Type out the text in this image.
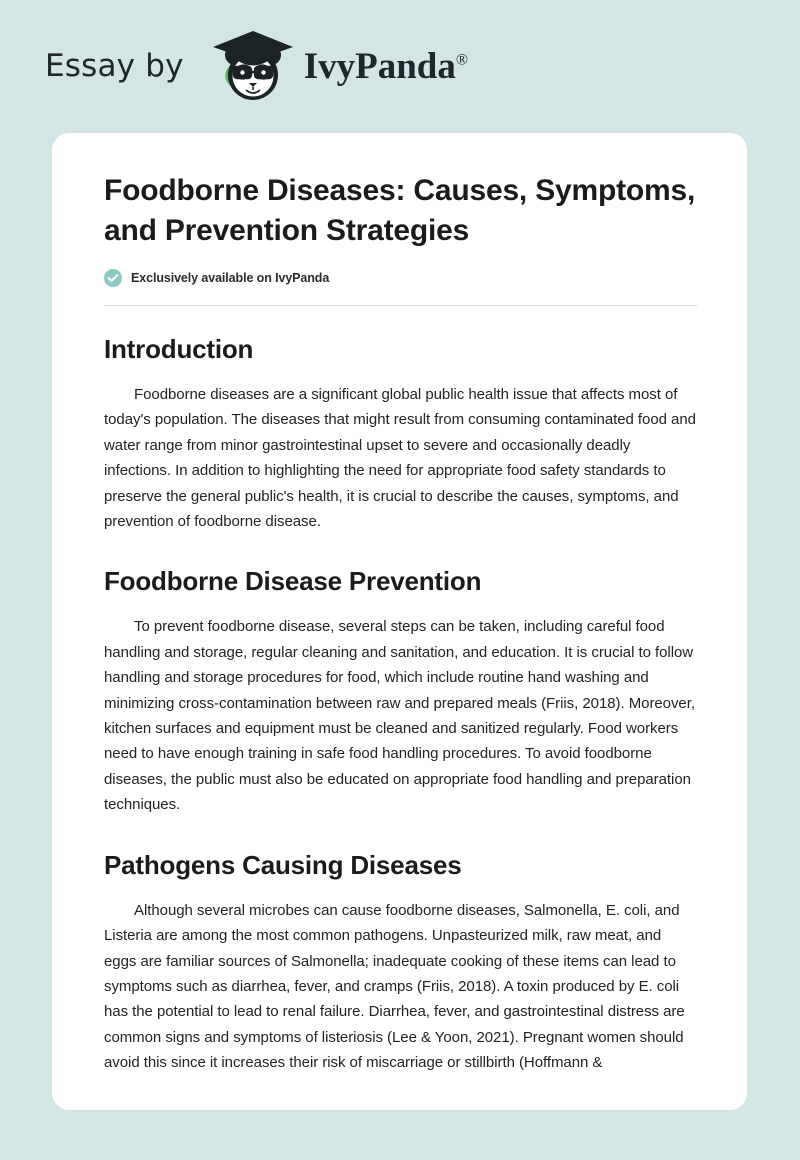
Essay by	IvyPanda®
Foodborne Diseases: Causes, Symptoms, and Prevention Strategies
Exclusively available on IvyPanda
Introduction

Foodborne diseases are a significant global public health issue that affects most of today's population. The diseases that might result from consuming contaminated food and water range from minor gastrointestinal upset to severe and occasionally deadly infections. In addition to highlighting the need for appropriate food safety standards to preserve the general public's health, it is crucial to describe the causes, symptoms, and prevention of foodborne disease.

Foodborne Disease Prevention

To prevent foodborne disease, several steps can be taken, including careful food handling and storage, regular cleaning and sanitation, and education. It is crucial to follow handling and storage procedures for food, which include routine hand washing and minimizing cross-contamination between raw and prepared meals (Friis, 2018). Moreover, kitchen surfaces and equipment must be cleaned and sanitized regularly. Food workers need to have enough training in safe food handling procedures. To avoid foodborne diseases, the public must also be educated on appropriate food handling and preparation techniques.

Pathogens Causing Diseases

Although several microbes can cause foodborne diseases, Salmonella, E. coli, and Listeria are among the most common pathogens. Unpasteurized milk, raw meat, and eggs are familiar sources of Salmonella; inadequate cooking of these items can lead to symptoms such as diarrhea, fever, and cramps (Friis, 2018). A toxin produced by E. coli has the potential to lead to renal failure. Diarrhea, fever, and gastrointestinal distress are common signs and symptoms of listeriosis (Lee & Yoon, 2021). Pregnant women should avoid this since it increases their risk of miscarriage or stillbirth (Hoffmann &
